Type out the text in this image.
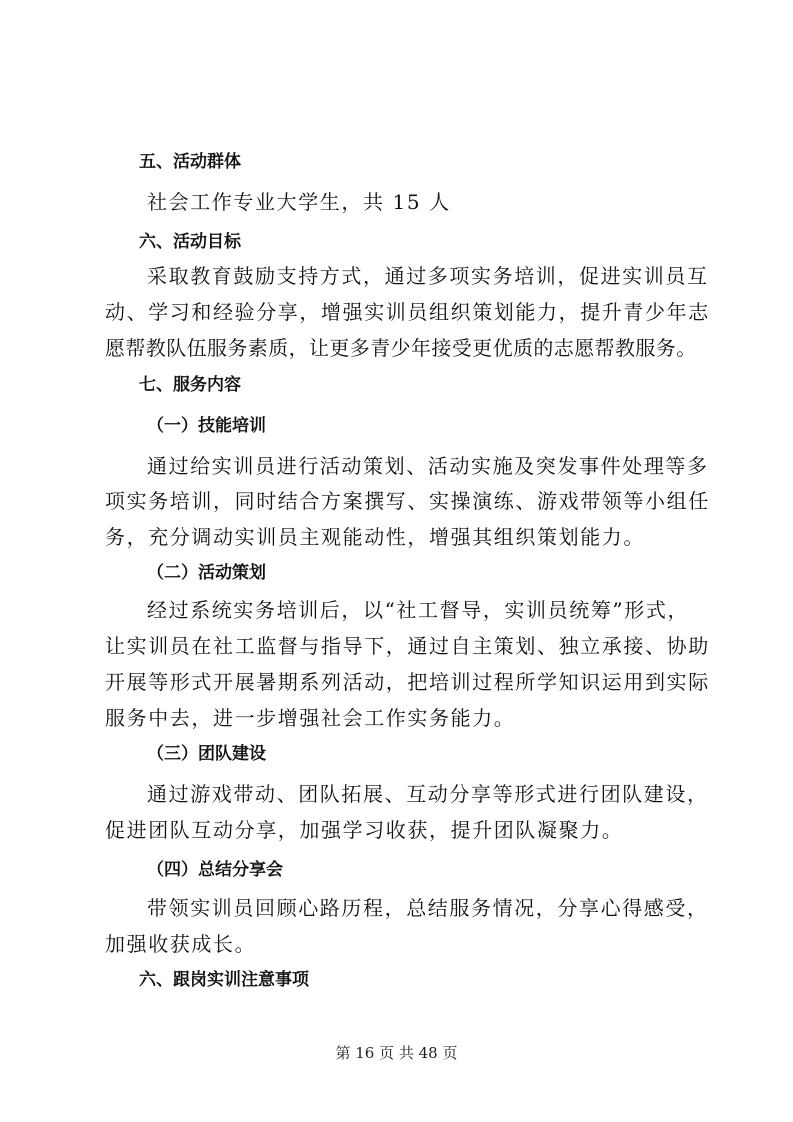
五、活动群体
社会工作专业大学生，共 15 人
六、活动目标
采取教育鼓励支持方式，通过多项实务培训，促进实训员互
动、学习和经验分享，增强实训员组织策划能力，提升青少年志
愿帮教队伍服务素质，让更多青少年接受更优质的志愿帮教服务。
七、服务内容
（一）技能培训
通过给实训员进行活动策划、活动实施及突发事件处理等多
项实务培训，同时结合方案撰写、实操演练、游戏带领等小组任
务，充分调动实训员主观能动性，增强其组织策划能力。
（二）活动策划
经过系统实务培训后，以“社工督导，实训员统筹”形式，
让实训员在社工监督与指导下，通过自主策划、独立承接、协助
开展等形式开展暑期系列活动，把培训过程所学知识运用到实际
服务中去，进一步增强社会工作实务能力。
（三）团队建设
通过游戏带动、团队拓展、互动分享等形式进行团队建设，
促进团队互动分享，加强学习收获，提升团队凝聚力。
（四）总结分享会
带领实训员回顾心路历程，总结服务情况，分享心得感受，
加强收获成长。
六、跟岗实训注意事项
第 16 页 共 48 页
